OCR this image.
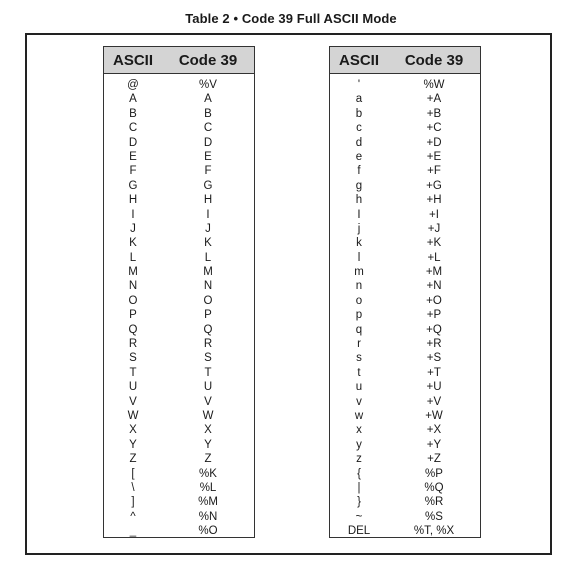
Table 2 • Code 39 Full ASCII Mode
ASCII	Code 39
@	%V
A	A
B	B
C	C
D	D
E	E
F	F
G	G
H	H
I	I
J	J
K	K
L	L
M	M
N	N
O	O
P	P
Q	Q
R	R
S	S
T	T
U	U
V	V
W	W
X	X
Y	Y
Z	Z
[	%K
\	%L
]	%M
^	%N
_	%O
ASCII	Code 39
'	%W
a	+A
b	+B
c	+C
d	+D
e	+E
f	+F
g	+G
h	+H
I	+I
j	+J
k	+K
l	+L
m	+M
n	+N
o	+O
p	+P
q	+Q
r	+R
s	+S
t	+T
u	+U
v	+V
w	+W
x	+X
y	+Y
z	+Z
{	%P
|	%Q
}	%R
~	%S
DEL	%T, %X
